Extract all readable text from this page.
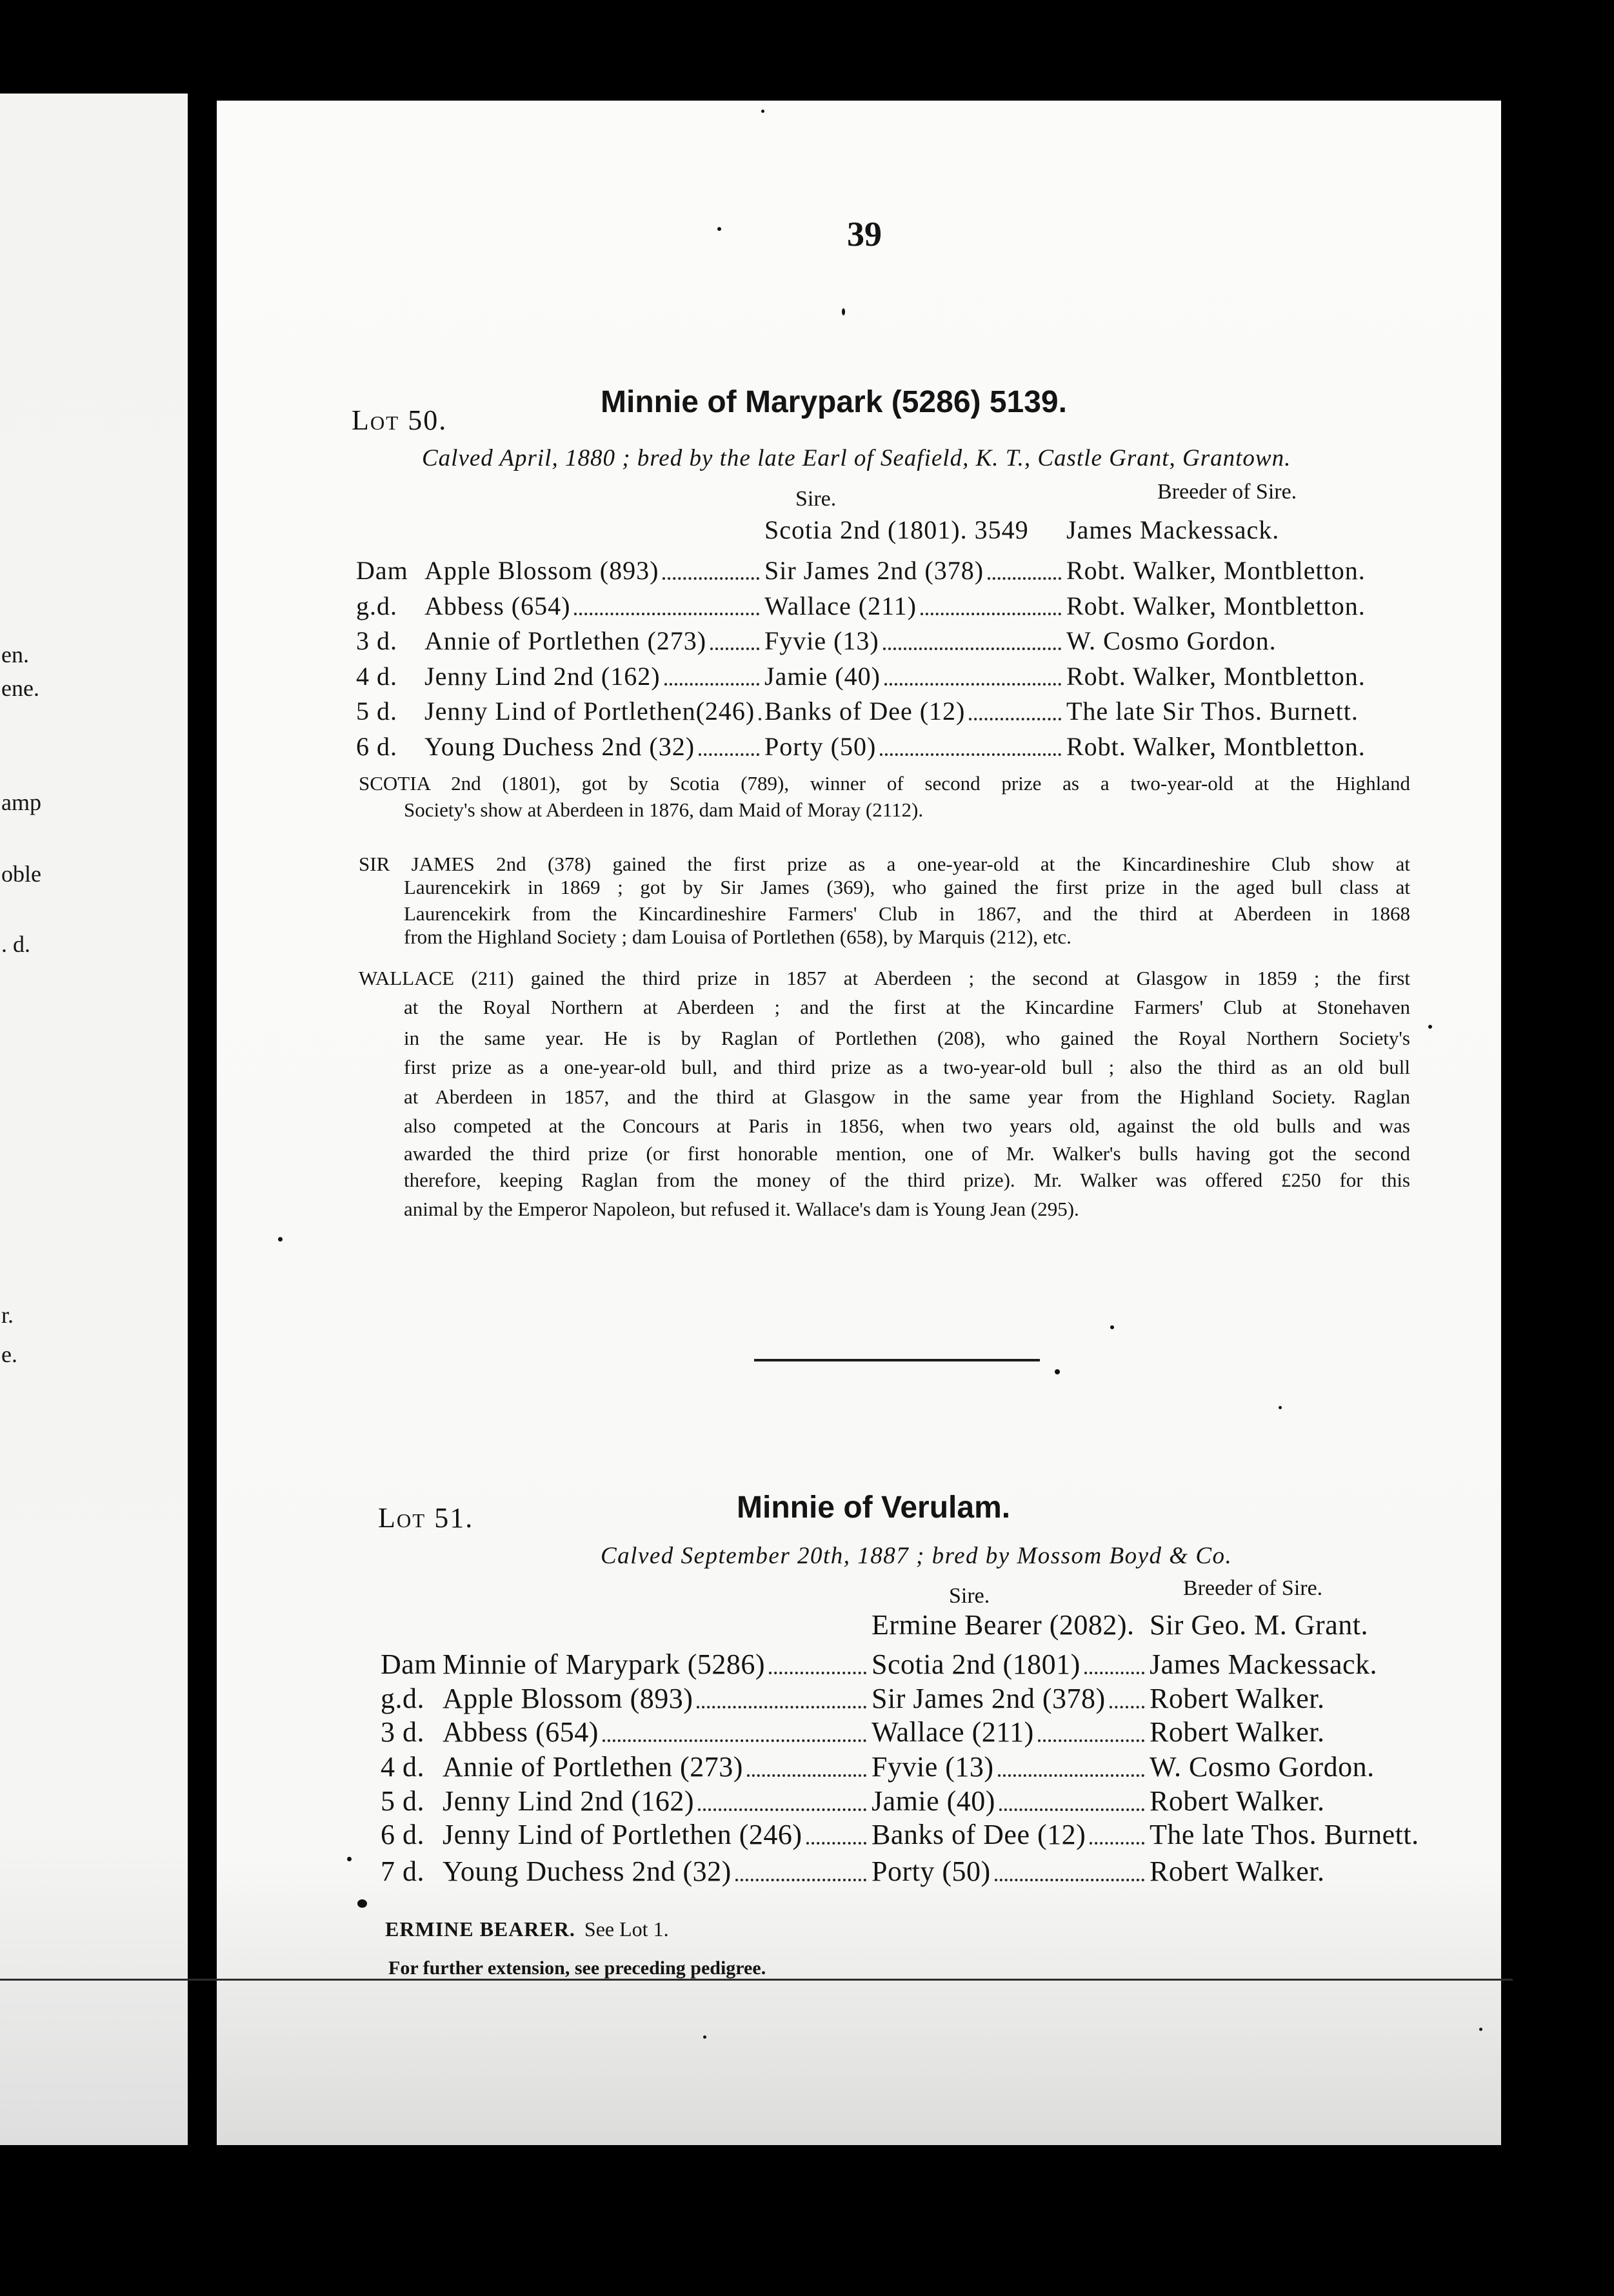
en.
ene.
amp
oble
. d.
r.
e.
39
Lot 50.
Minnie of Marypark (5286) 5139.
Calved April, 1880 ; bred by the late Earl of Seafield, K. T., Castle Grant, Grantown.
Sire.	Breeder of Sire.
Scotia 2nd (1801). 3549 James Mackessack.
Dam Apple Blossom (893)	Sir James 2nd (378)	Robt. Walker, Montbletton.
g.d.	Abbess (654)	Wallace (211)	Robt. Walker, Montbletton.
3 d.	Annie of Portlethen (273) Fyvie (13)	W. Cosmo Gordon.
4 d.	Jenny Lind 2nd (162)	Jamie (40)	Robt. Walker, Montbletton.
5 d.	Jenny Lind of Portlethen(246) Banks of Dee (12)	The late Sir Thos. Burnett.
6 d.	Young Duchess 2nd (32)	Porty (50)	Robt. Walker, Montbletton.
SCOTIA 2nd (1801), got by Scotia (789), winner of second prize as a two-year-old at the Highland
Society's show at Aberdeen in 1876, dam Maid of Moray (2112).
SIR JAMES 2nd (378) gained the first prize as a one-year-old at the Kincardineshire Club show at
Laurencekirk in 1869 ; got by Sir James (369), who gained the first prize in the aged bull class at
Laurencekirk from the Kincardineshire Farmers' Club in 1867, and the third at Aberdeen in 1868
from the Highland Society ; dam Louisa of Portlethen (658), by Marquis (212), etc.
WALLACE (211) gained the third prize in 1857 at Aberdeen ; the second at Glasgow in 1859 ; the first
at the Royal Northern at Aberdeen ; and the first at the Kincardine Farmers' Club at Stonehaven
in the same year. He is by Raglan of Portlethen (208), who gained the Royal Northern Society's
first prize as a one-year-old bull, and third prize as a two-year-old bull ; also the third as an old bull
at Aberdeen in 1857, and the third at Glasgow in the same year from the Highland Society. Raglan
also competed at the Concours at Paris in 1856, when two years old, against the old bulls and was
awarded the third prize (or first honorable mention, one of Mr. Walker's bulls having got the second
therefore, keeping Raglan from the money of the third prize). Mr. Walker was offered £250 for this
animal by the Emperor Napoleon, but refused it. Wallace's dam is Young Jean (295).
Lot 51.	Minnie of Verulam.
Calved September 20th, 1887 ; bred by Mossom Boyd & Co.
Sire.	Breeder of Sire.
Ermine Bearer (2082). Sir Geo. M. Grant.
Dam Minnie of Marypark (5286)	Scotia 2nd (1801) James Mackessack.
g.d. Apple Blossom (893)	Sir James 2nd (378) Robert Walker.
3 d. Abbess (654)	Wallace (211)	Robert Walker.
4 d. Annie of Portlethen (273)	Fyvie (13)	W. Cosmo Gordon.
5 d. Jenny Lind 2nd (162)	Jamie (40)	Robert Walker.
6 d. Jenny Lind of Portlethen (246) Banks of Dee (12) The late Thos. Burnett.
7 d. Young Duchess 2nd (32)	Porty (50)	Robert Walker.
ERMINE BEARER. See Lot 1.
For further extension, see preceding pedigree.
